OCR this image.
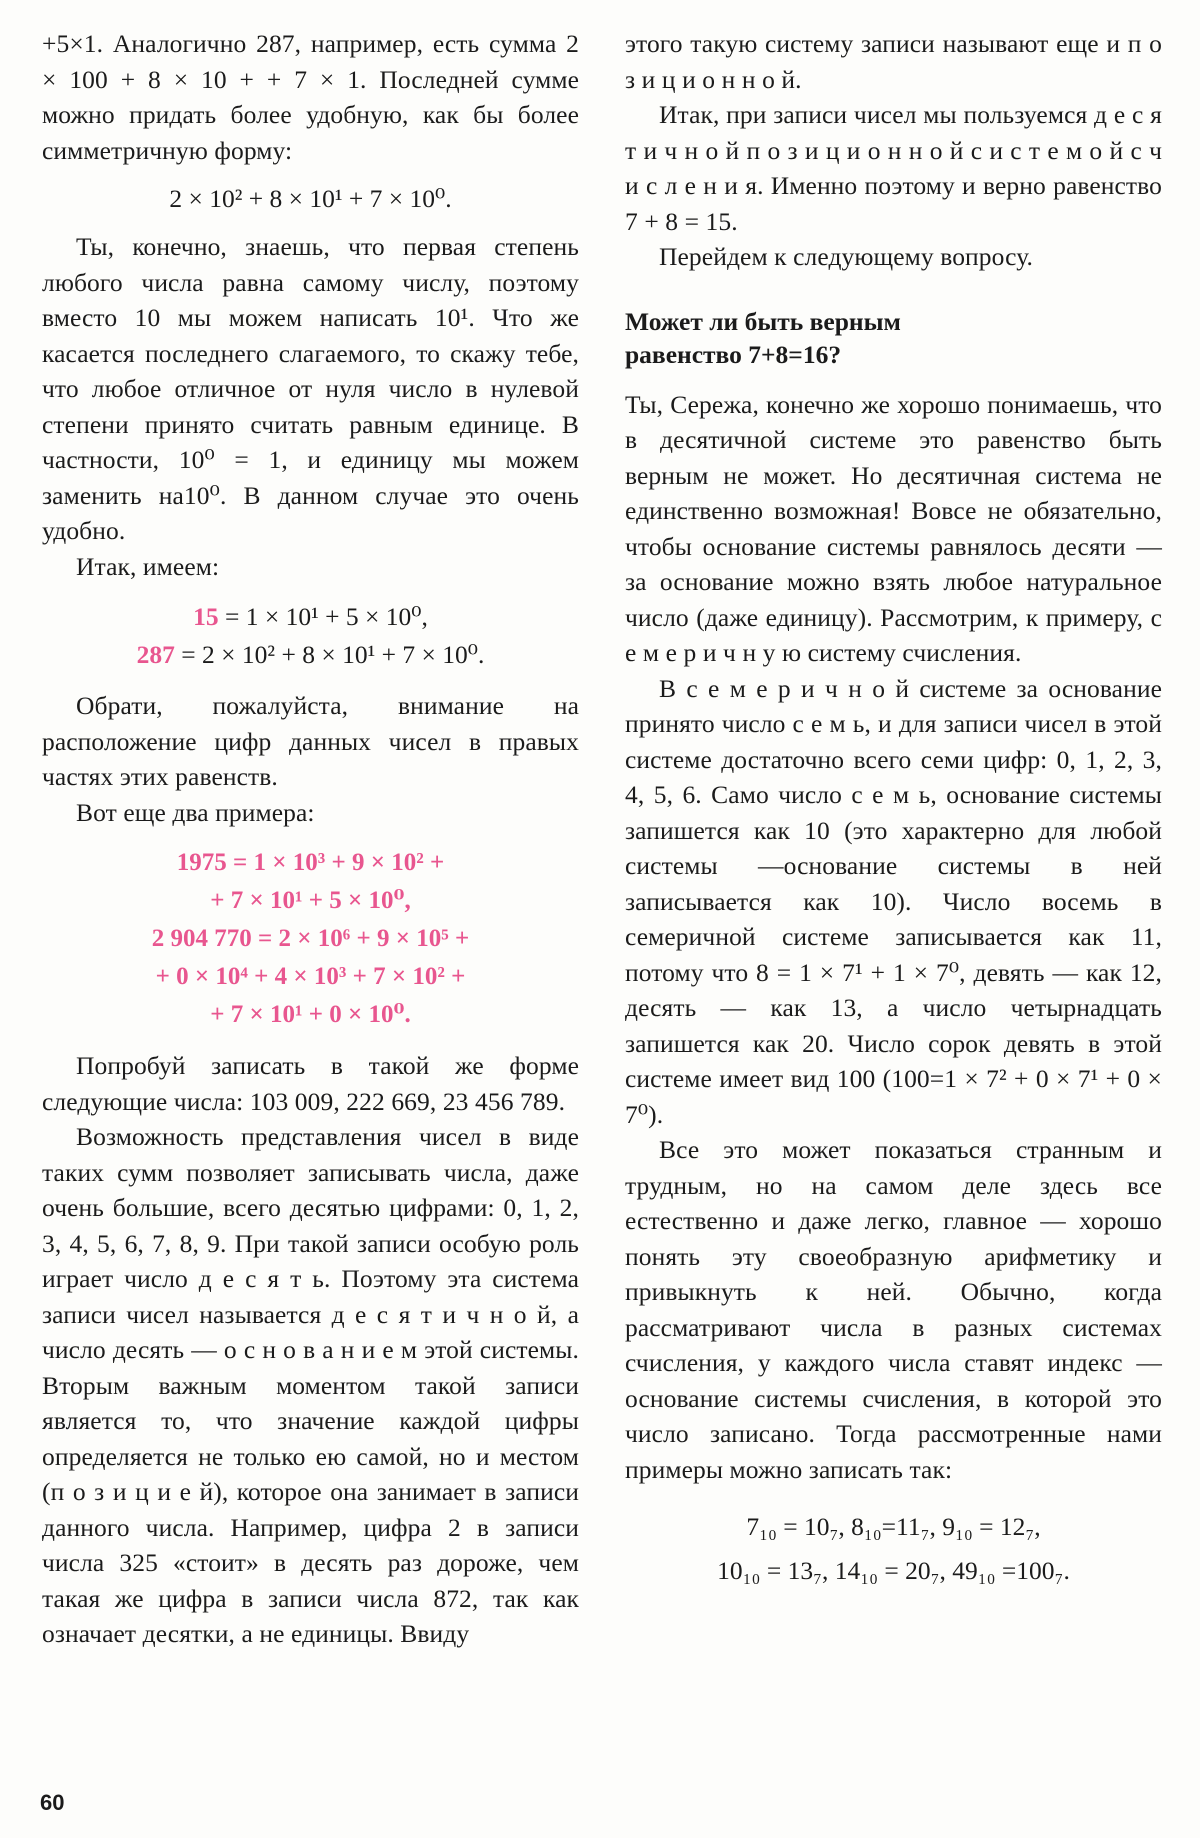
+5×1. Аналогично 287, например, есть сумма 2 × 100 + 8 × 10 + + 7 × 1. Последней сумме можно придать более удобную, как бы более симметричную форму:

2 × 10² + 8 × 10¹ + 7 × 10⁰.

Ты, конечно, знаешь, что первая степень любого числа равна самому числу, поэтому вместо 10 мы можем написать 10¹. Что же касается последнего слагаемого, то скажу тебе, что любое отличное от нуля число в нулевой степени принято считать равным единице. В частности, 10⁰ = 1, и единицу мы можем заменить на10⁰. В данном случае это очень удобно.

Итак, имеем:

15 = 1 × 10¹ + 5 × 10⁰,
287 = 2 × 10² + 8 × 10¹ + 7 × 10⁰.

Обрати, пожалуйста, внимание на расположение цифр данных чисел в правых частях этих равенств.

Вот еще два примера:

1975 = 1 × 10³ + 9 × 10² +
+ 7 × 10¹ + 5 × 10⁰,
2 904 770 = 2 × 10⁶ + 9 × 10⁵ +
+ 0 × 10⁴ + 4 × 10³ + 7 × 10² +
+ 7 × 10¹ + 0 × 10⁰.

Попробуй записать в такой же форме следующие числа: 103 009, 222 669, 23 456 789.

Возможность представления чисел в виде таких сумм позволяет записывать числа, даже очень большие, всего десятью цифрами: 0, 1, 2, 3, 4, 5, 6, 7, 8, 9. При такой записи особую роль играет число д е с я т ь. Поэтому эта система записи чисел называется д е с я т и ч н о й, а число десять — о с н о в а н и е м этой системы. Вторым важным моментом такой записи является то, что значение каждой цифры определяется не только ею самой, но и местом (п о з и ц и е й), которое она занимает в записи данного числа. Например, цифра 2 в записи числа 325 «стоит» в десять раз дороже, чем такая же цифра в записи числа 872, так как означает десятки, а не единицы. Ввиду

этого такую систему записи называют еще и п о з и ц и о н н о й.

Итак, при записи чисел мы пользуемся д е с я т и ч н о й п о з и ц и о н н о й с и с т е м о й с ч и с л е н и я. Именно поэтому и верно равенство 7 + 8 = 15.

Перейдем к следующему вопросу.

Может ли быть верным
равенство 7+8=16?

Ты, Сережа, конечно же хорошо понимаешь, что в десятичной системе это равенство быть верным не может. Но десятичная система не единственно возможная! Вовсе не обязательно, чтобы основание системы равнялось десяти — за основание можно взять любое натуральное число (даже единицу). Рассмотрим, к примеру, с е м е р и ч н у ю систему счисления.

В с е м е р и ч н о й системе за основание принято число с е м ь, и для записи чисел в этой системе достаточно всего семи цифр: 0, 1, 2, 3, 4, 5, 6. Само число с е м ь, основание системы запишется как 10 (это характерно для любой системы —основание системы в ней записывается как 10). Число восемь в семеричной системе записывается как 11, потому что 8 = 1 × 7¹ + 1 × 7⁰, девять — как 12, десять — как 13, а число четырнадцать запишется как 20. Число сорок девять в этой системе имеет вид 100 (100=1 × 7² + 0 × 7¹ + 0 × 7⁰).

Все это может показаться странным и трудным, но на самом деле здесь все естественно и даже легко, главное — хорошо понять эту своеобразную арифметику и привыкнуть к ней. Обычно, когда рассматривают числа в разных системах счисления, у каждого числа ставят индекс — основание системы счисления, в которой это число записано. Тогда рассмотренные нами примеры можно записать так:

7₁₀ = 10₇, 8₁₀=11₇, 9₁₀ = 12₇,
10₁₀ = 13₇, 14₁₀ = 20₇, 49₁₀ =100₇.
60
